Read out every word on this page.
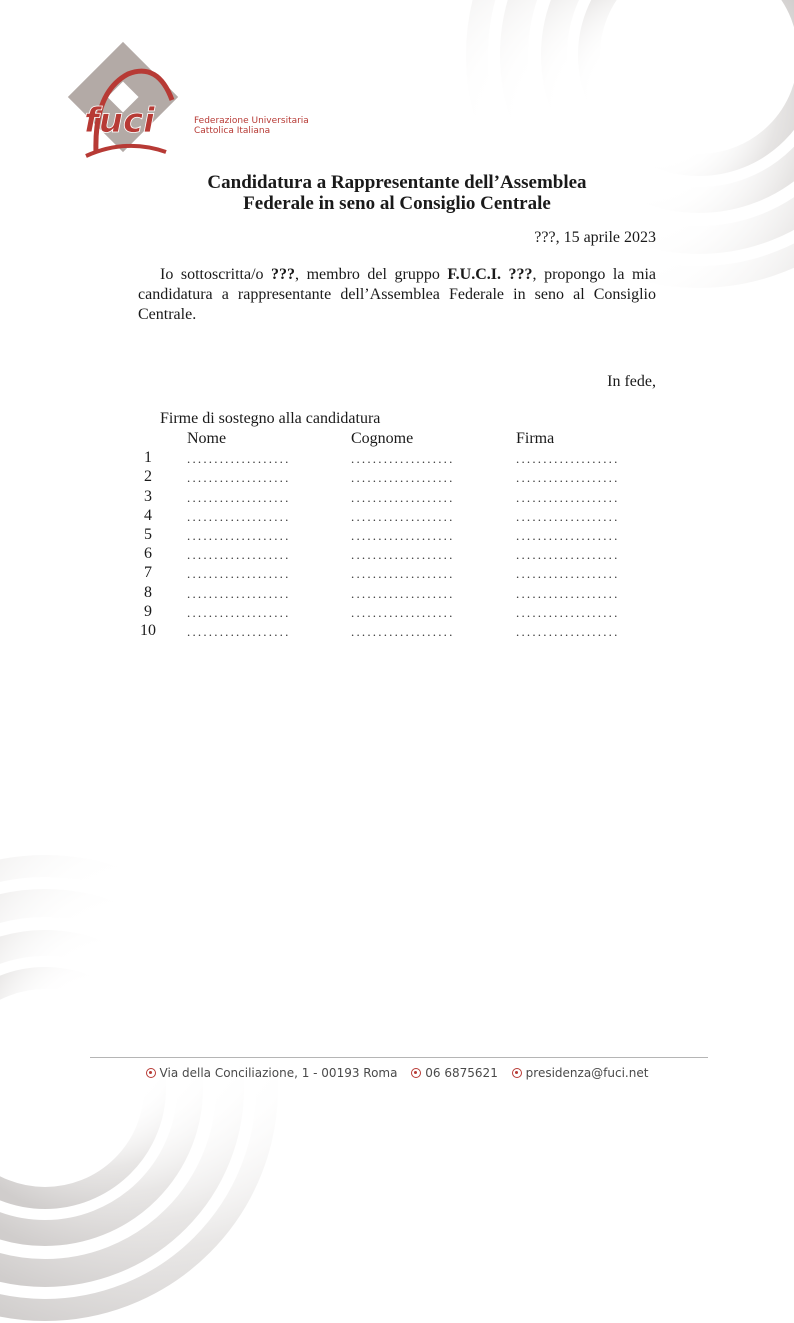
fuci	Federazione Universitaria
Cattolica Italiana
Candidatura a Rappresentante dell’Assemblea
Federale in seno al Consiglio Centrale
???, 15 aprile 2023
Io sottoscritta/o ???, membro del gruppo F.U.C.I. ???, propongo la mia candidatura a rappresentante dell’Assemblea Federale in seno al Consiglio Centrale.
In fede,
Firme di sostegno alla candidatura
Nome	Cognome	Firma
1	...................	...................	...................
2	...................	...................	...................
3	...................	...................	...................
4	...................	...................	...................
5	...................	...................	...................
6	...................	...................	...................
7	...................	...................	...................
8	...................	...................	...................
9	...................	...................	...................
10 ...................	...................	...................
Via della Conciliazione, 1 - 00193 Roma
06 6875621
presidenza@fuci.net
